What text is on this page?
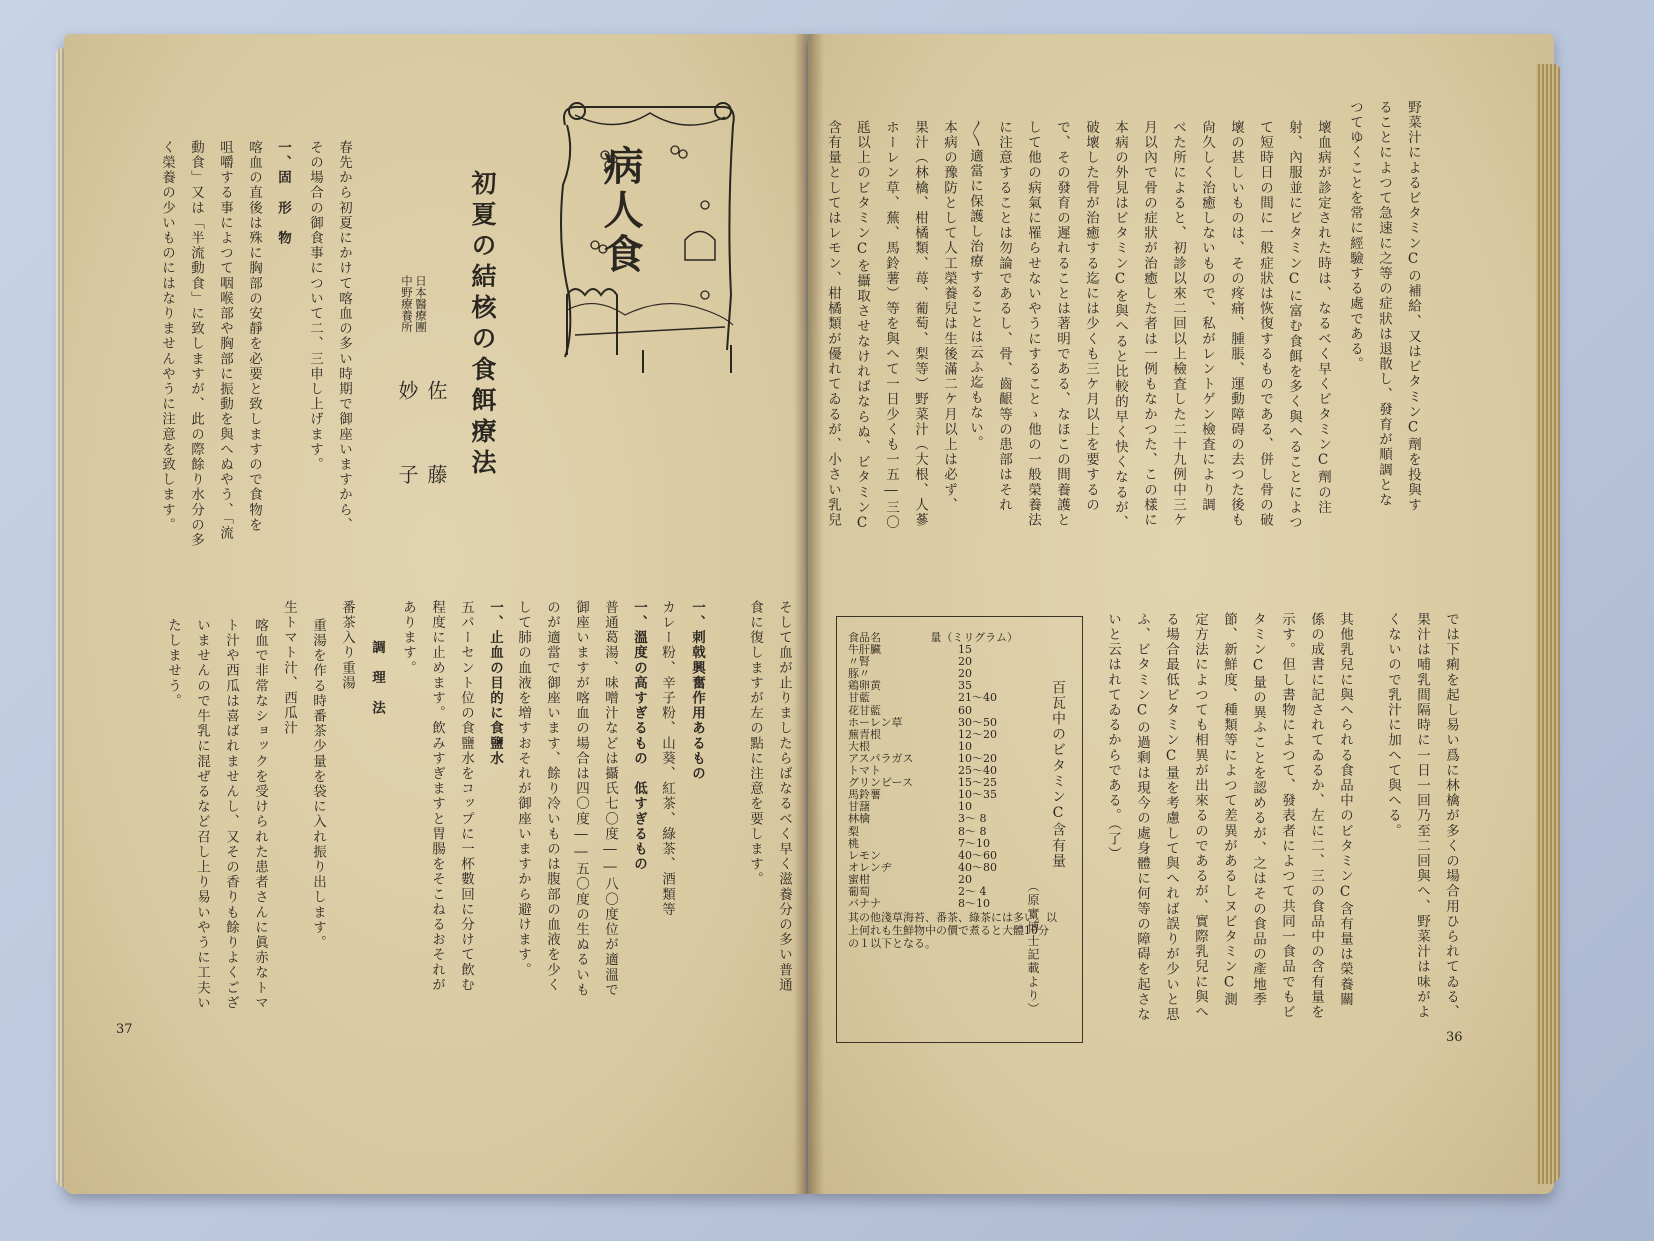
病人食
初夏の結核の食餌療法
日本醫療團
中野療養所
佐　藤　妙　子
春先から初夏にかけて喀血の多い時期で御座いますから、
その場合の御食事について二、三申し上げます。
一、固　形　物
喀血の直後は殊に胸部の安靜を必要と致しますので食物を
咀嚼する事によつて咽喉部や胸部に振動を與へぬやう、「流
動食」又は「半流動食」に致しますが、此の際餘り水分の多
く榮養の少いものにはなりませんやうに注意を致します。
そして血が止りましたらばなるべく早く滋養分の多い普通
食に復しますが左の點に注意を要します。
一、刺戟興奮作用あるもの
カレー粉、辛子粉、山葵、紅茶、綠茶、酒類等
一、溫度の高すぎるもの　低すぎるもの
普通葛湯、味噌汁などは攝氏七〇度――八〇度位が適溫で
御座いますが喀血の場合は四〇度――五〇度の生ぬるいも
のが適當で御座います、餘り冷いものは腹部の血液を少く
して肺の血液を増すおそれが御座いますから避けます。
一、止血の目的に食鹽水
五パーセント位の食鹽水をコップに一杯數回に分けて飲む
程度に止めます。飲みすぎますと胃腸をそこねるおそれが
あります。
調　理　法
番茶入り重湯
重湯を作る時番茶少量を袋に入れ振り出します。
生トマト汁、西瓜汁
喀血で非常なショックを受けられた患者さんに眞赤なトマ
ト汁や西瓜は喜ばれませんし、又その香りも餘りよくござ
いませんので牛乳に混ぜるなど召し上り易いやうに工夫い
たしませう。
37
野菜汁によるビタミンCの補給、又はビタミンC劑を投與す
ることによつて急速に之等の症狀は退散し、發育が順調とな
つてゆくことを常に經驗する處である。
壞血病が診定された時は、なるべく早くビタミンC劑の注
射、內服並にビタミンCに富む食餌を多く與へることによつ
て短時日の間に一般症狀は恢復するものである、併し骨の破
壞の甚しいものは、その疼痛、腫脹、運動障碍の去つた後も
尙久しく治癒しないもので、私がレントゲン檢査により調
べた所によると、初診以來二回以上檢査した二十九例中三ケ
月以內で骨の症狀が治癒した者は一例もなかつた、この樣に
本病の外見はビタミンCを與へると比較的早く快くなるが、
破壞した骨が治癒する迄には少くも三ケ月以上を要するの
で、その發育の遲れることは著明である、なほこの間養護と
して他の病氣に罹らせないやうにすることゝ他の一般榮養法
に注意することは勿論であるし、骨、齒齦等の患部はそれ
〳〵適當に保護し治療することは云ふ迄もない。
本病の豫防として人工榮養兒は生後滿二ケ月以上は必ず、
果汁（林檎、柑橘類、苺、葡萄、梨等）野菜汁（大根、人蔘
ホーレン草、蕪、馬鈴薯）等を與へて一日少くも一五―三〇
瓱以上のビタミンCを攝取させなければならぬ、ビタミンC
含有量としてはレモン、柑橘類が優れてゐるが、小さい乳兒
では下痢を起し易い爲に林檎が多くの場合用ひられてゐる、
果汁は哺乳間隔時に一日一回乃至二回與へ、野菜汁は味がよ
くないので乳汁に加へて與へる。
其他乳兒に與へられる食品中のビタミンC含有量は榮養關
係の成書に記されてゐるか、左に二、三の食品中の含有量を
示す。但し書物によつて、發表者によつて共同一食品でもビ
タミンC量の異ふことを認めるが、之はその食品の產地季
節、新鮮度、種類等によつて差異があるしヌビタミンC測
定方法によつても相異が出來るのであるが、實際乳兒に與へ
る場合最低ビタミンC量を考慮して與へれば誤りが少いと思
ふ、ビタミンCの過剩は現今の處身體に何等の障碍を起さな
いと云はれてゐるからである。（了）
百瓦中のビタミンC含有量
（原實博士記載より）
食品名	量（ミリグラム）
牛肝臟	15
〃腎	20
豚〃	20
鶏卵黄	35
甘藍	21〜40
花甘藍	60
ホーレン草	30〜50
蕪青根	12〜20
大根	10
アスパラガス	10〜20
トマト	25〜40
グリンピース	15〜25
馬鈴薯	10〜35
甘藷	10
林檎	3〜 8
梨	8〜 8
桃	7〜10
レモン	40〜60
オレンヂ	40〜80
蜜柑	20
葡萄	2〜 4
バナナ	8〜10
其の他淺草海苔、番茶、綠茶には多い。以上何れも生鮮物中の價で煮ると大體10分の１以下となる。
36
